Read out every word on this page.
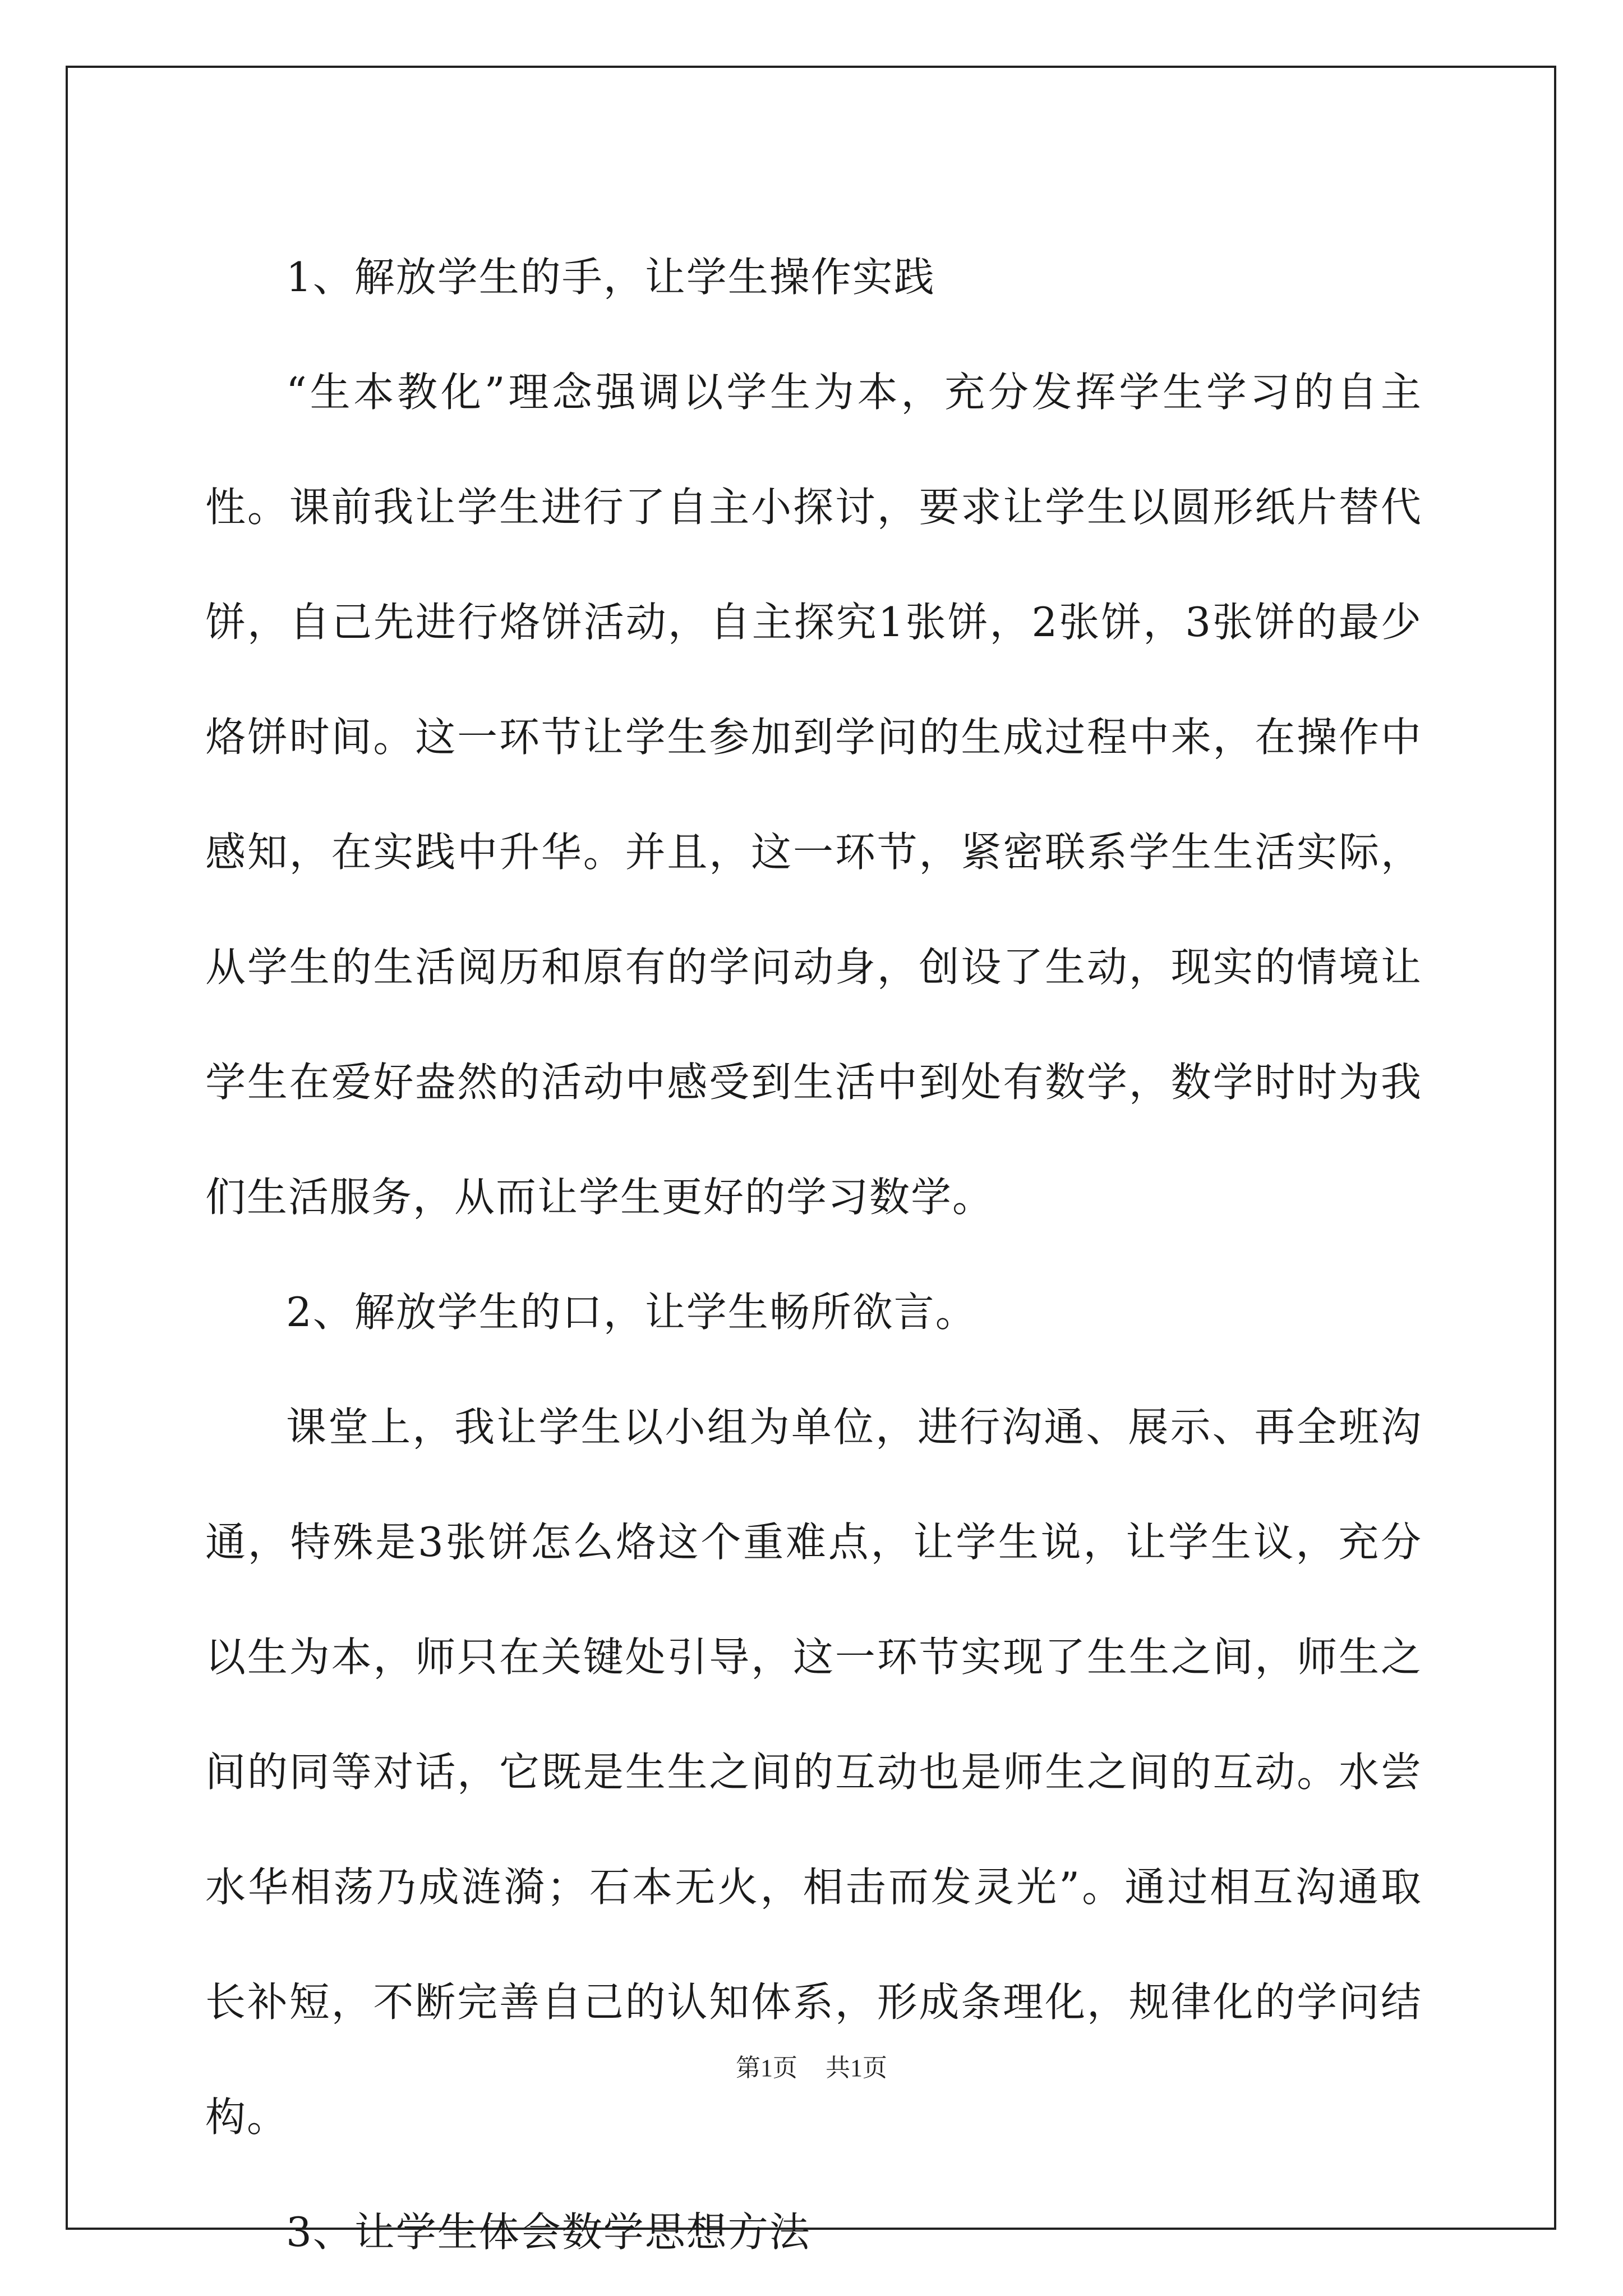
1、解放学生的手，让学生操作实践

“生本教化”理念强调以学生为本，充分发挥学生学习的自主性。课前我让学生进行了自主小探讨，要求让学生以圆形纸片替代饼，自己先进行烙饼活动，自主探究1张饼，2张饼，3张饼的最少烙饼时间。这一环节让学生参加到学问的生成过程中来，在操作中感知，在实践中升华。并且，这一环节，紧密联系学生生活实际，从学生的生活阅历和原有的学问动身，创设了生动，现实的情境让学生在爱好盎然的活动中感受到生活中到处有数学，数学时时为我们生活服务，从而让学生更好的学习数学。

2、解放学生的口，让学生畅所欲言。

课堂上，我让学生以小组为单位，进行沟通、展示、再全班沟通，特殊是3张饼怎么烙这个重难点，让学生说，让学生议，充分以生为本，师只在关键处引导，这一环节实现了生生之间，师生之间的同等对话，它既是生生之间的互动也是师生之间的互动。水尝水华相荡乃成涟漪；石本无火，相击而发灵光”。通过相互沟通取长补短，不断完善自己的认知体系，形成条理化，规律化的学问结构。

3、让学生体会数学思想方法

第1页 共1页
